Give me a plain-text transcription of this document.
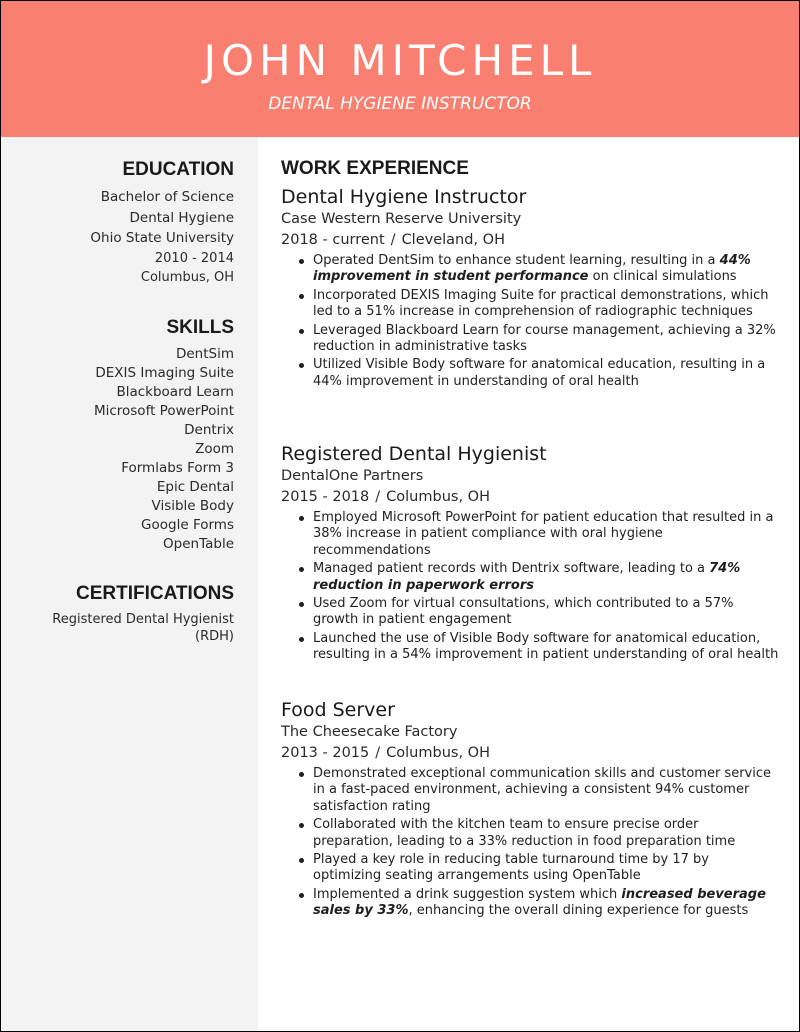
JOHN MITCHELL
DENTAL HYGIENE INSTRUCTOR
EDUCATION
Bachelor of Science
Dental Hygiene
Ohio State University
2010 - 2014
Columbus, OH
SKILLS
DentSim
DEXIS Imaging Suite
Blackboard Learn
Microsoft PowerPoint
Dentrix
Zoom
Formlabs Form 3
Epic Dental
Visible Body
Google Forms
OpenTable
CERTIFICATIONS
Registered Dental Hygienist
(RDH)
WORK EXPERIENCE
Dental Hygiene Instructor
Case Western Reserve University
2018 - current / Cleveland, OH
Operated DentSim to enhance student learning, resulting in a 44% improvement in student performance on clinical simulations
Incorporated DEXIS Imaging Suite for practical demonstrations, which led to a 51% increase in comprehension of radiographic techniques
Leveraged Blackboard Learn for course management, achieving a 32% reduction in administrative tasks
Utilized Visible Body software for anatomical education, resulting in a 44% improvement in understanding of oral health
Registered Dental Hygienist
DentalOne Partners
2015 - 2018 / Columbus, OH
Employed Microsoft PowerPoint for patient education that resulted in a 38% increase in patient compliance with oral hygiene recommendations
Managed patient records with Dentrix software, leading to a 74% reduction in paperwork errors
Used Zoom for virtual consultations, which contributed to a 57% growth in patient engagement
Launched the use of Visible Body software for anatomical education, resulting in a 54% improvement in patient understanding of oral health
Food Server
The Cheesecake Factory
2013 - 2015 / Columbus, OH
Demonstrated exceptional communication skills and customer service in a fast-paced environment, achieving a consistent 94% customer satisfaction rating
Collaborated with the kitchen team to ensure precise order preparation, leading to a 33% reduction in food preparation time
Played a key role in reducing table turnaround time by 17 by optimizing seating arrangements using OpenTable
Implemented a drink suggestion system which increased beverage sales by 33%, enhancing the overall dining experience for guests
